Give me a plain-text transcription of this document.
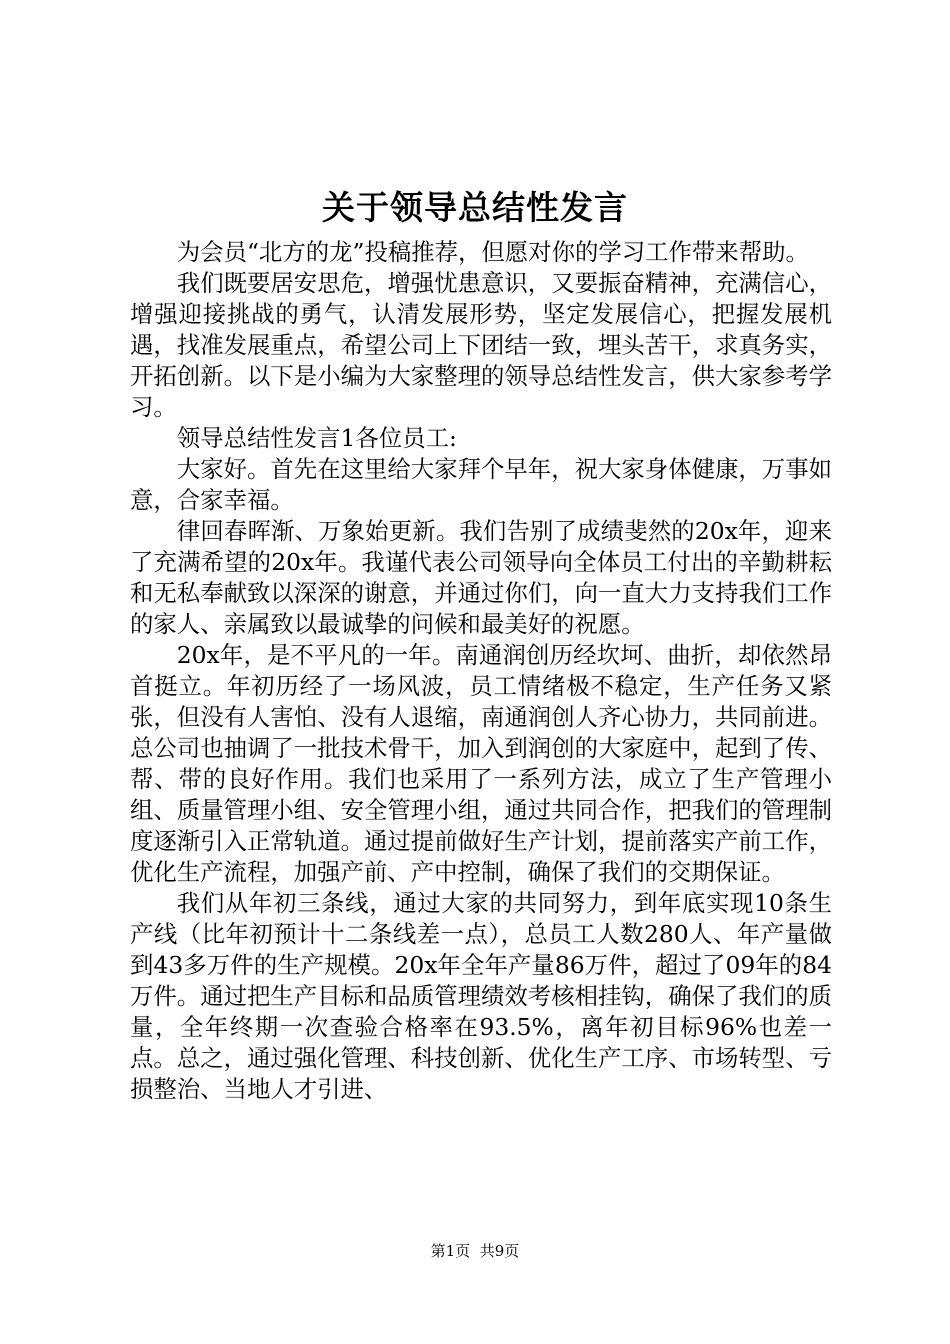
关于领导总结性发言

为会员“北方的龙”投稿推荐，但愿对你的学习工作带来帮助。

我们既要居安思危，增强忧患意识，又要振奋精神，充满信心，增强迎接挑战的勇气，认清发展形势，坚定发展信心，把握发展机遇，找准发展重点，希望公司上下团结一致，埋头苦干，求真务实，开拓创新。以下是小编为大家整理的领导总结性发言，供大家参考学习。

领导总结性发言1各位员工:

大家好。首先在这里给大家拜个早年，祝大家身体健康，万事如意，合家幸福。

律回春晖渐、万象始更新。我们告别了成绩斐然的20x年，迎来了充满希望的20x年。我谨代表公司领导向全体员工付出的辛勤耕耘和无私奉献致以深深的谢意，并通过你们，向一直大力支持我们工作的家人、亲属致以最诚挚的问候和最美好的祝愿。

20x年，是不平凡的一年。南通润创历经坎坷、曲折，却依然昂首挺立。年初历经了一场风波，员工情绪极不稳定，生产任务又紧张，但没有人害怕、没有人退缩，南通润创人齐心协力，共同前进。总公司也抽调了一批技术骨干，加入到润创的大家庭中，起到了传、帮、带的良好作用。我们也采用了一系列方法，成立了生产管理小组、质量管理小组、安全管理小组，通过共同合作，把我们的管理制度逐渐引入正常轨道。通过提前做好生产计划，提前落实产前工作，优化生产流程，加强产前、产中控制，确保了我们的交期保证。

我们从年初三条线，通过大家的共同努力，到年底实现10条生产线（比年初预计十二条线差一点），总员工人数280人、年产量做到43多万件的生产规模。20x年全年产量86万件，超过了09年的84万件。通过把生产目标和品质管理绩效考核相挂钩，确保了我们的质量，全年终期一次查验合格率在93.5%，离年初目标96%也差一点。总之，通过强化管理、科技创新、优化生产工序、市场转型、亏损整治、当地人才引进、

第1页 共9页
